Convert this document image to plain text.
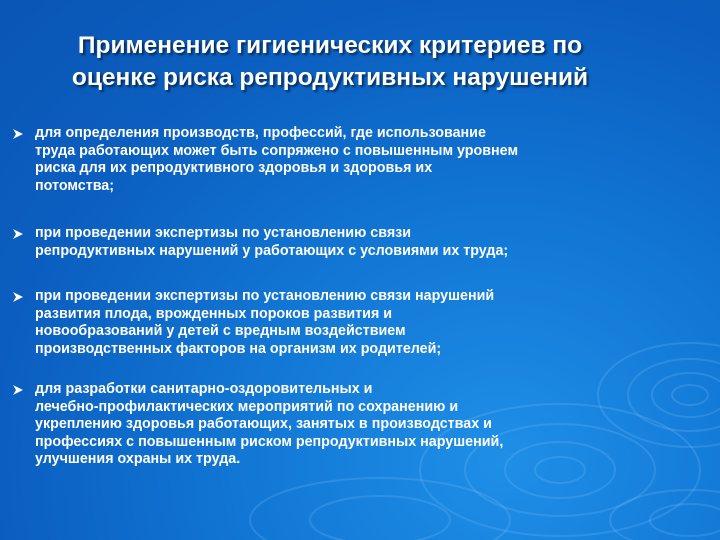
Применение гигиенических критериев по
оценке риска репродуктивных нарушений
для определения производств, профессий, где использование
труда работающих может быть сопряжено с повышенным уровнем
риска для их репродуктивного здоровья и здоровья их
потомства;
при проведении экспертизы по установлению связи
репродуктивных нарушений у работающих с условиями их труда;
при проведении экспертизы по установлению связи нарушений
развития плода, врожденных пороков развития и
новообразований у детей с вредным воздействием
производственных факторов на организм их родителей;
для разработки санитарно-оздоровительных и
лечебно-профилактических мероприятий по сохранению и
укреплению здоровья работающих, занятых в производствах и
профессиях с повышенным риском репродуктивных нарушений,
улучшения охраны их труда.
